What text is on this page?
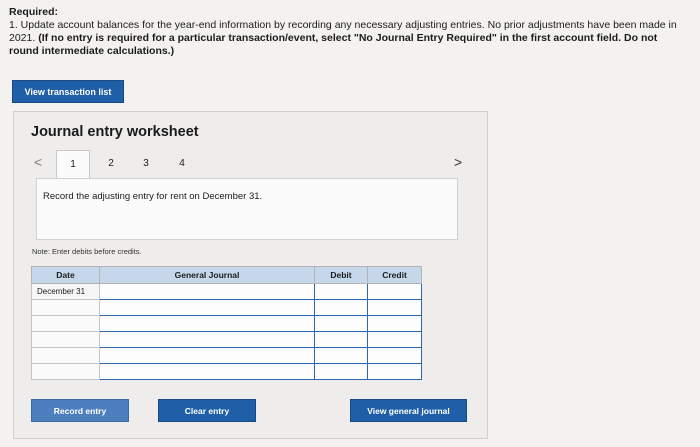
Required:
1. Update account balances for the year-end information by recording any necessary adjusting entries. No prior adjustments have been made in 2021. (If no entry is required for a particular transaction/event, select "No Journal Entry Required" in the first account field. Do not round intermediate calculations.)
View transaction list
Journal entry worksheet
<	1	2	3	4	>
Record the adjusting entry for rent on December 31.
Note: Enter debits before credits.
Date	General Journal	Debit	Credit
December 31			

Record entry	Clear entry	View general journal
